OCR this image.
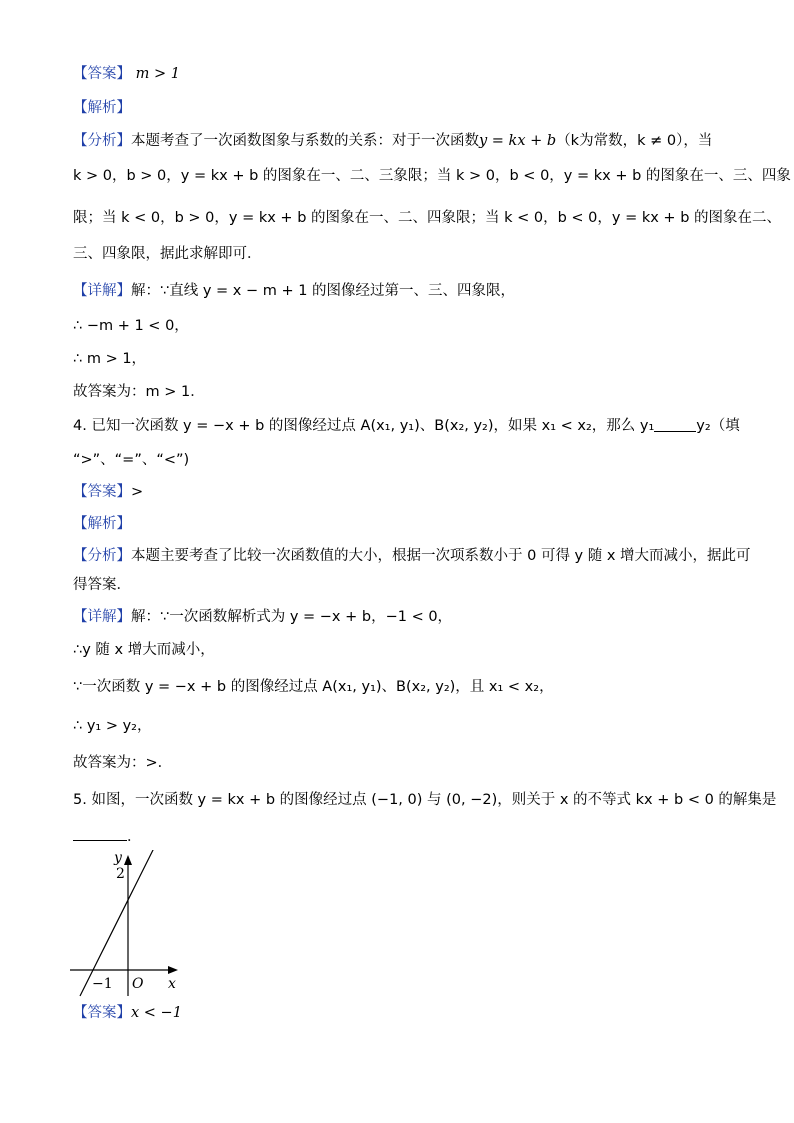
【答案】 m > 1
【解析】
【分析】本题考查了一次函数图象与系数的关系：对于一次函数y = kx + b（k为常数，k ≠ 0），当
k > 0，b > 0，y = kx + b 的图象在一、二、三象限；当 k > 0，b < 0，y = kx + b 的图象在一、三、四象
限；当 k < 0，b > 0，y = kx + b 的图象在一、二、四象限；当 k < 0，b < 0，y = kx + b 的图象在二、
三、四象限，据此求解即可．
【详解】解：∵直线 y = x − m + 1 的图像经过第一、三、四象限，
∴ −m + 1 < 0，
∴ m > 1，
故答案为：m > 1．
4. 已知一次函数 y = −x + b 的图像经过点 A(x₁, y₁)、B(x₂, y₂)，如果 x₁ < x₂，那么 y₁	y₂（填
“>”、“=”、“<”)
【答案】>
【解析】
【分析】本题主要考查了比较一次函数值的大小，根据一次项系数小于 0 可得 y 随 x 增大而减小，据此可
得答案．
【详解】解：∵一次函数解析式为 y = −x + b，−1 < 0，
∴y 随 x 增大而减小，
∵一次函数 y = −x + b 的图像经过点 A(x₁, y₁)、B(x₂, y₂)，且 x₁ < x₂，
∴ y₁ > y₂，
故答案为：>．
5. 如图，一次函数 y = kx + b 的图像经过点 (−1, 0) 与 (0, −2)，则关于 x 的不等式 kx + b < 0 的解集是
．
y
x
O
2
−1
【答案】x < −1
